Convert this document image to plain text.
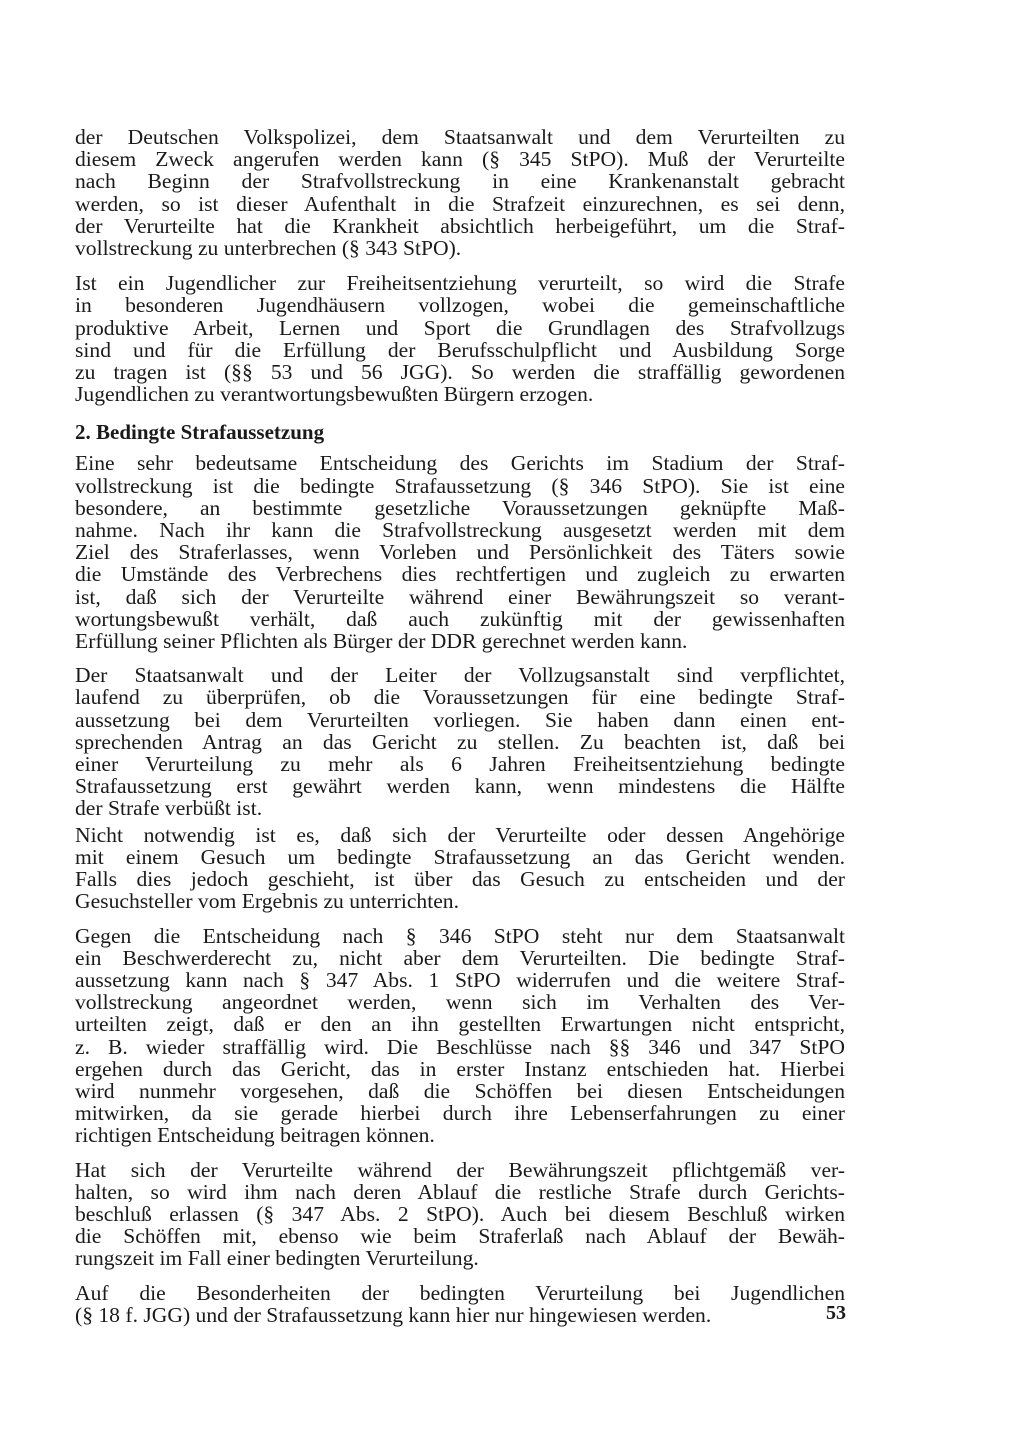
der Deutschen Volkspolizei, dem Staatsanwalt und dem Verurteilten zu
diesem Zweck angerufen werden kann (§ 345 StPO). Muß der Verurteilte
nach Beginn der Strafvollstreckung in eine Krankenanstalt gebracht
werden, so ist dieser Aufenthalt in die Strafzeit einzurechnen, es sei denn,
der Verurteilte hat die Krankheit absichtlich herbeigeführt, um die Straf-
vollstreckung zu unterbrechen (§ 343 StPO).
Ist ein Jugendlicher zur Freiheitsentziehung verurteilt, so wird die Strafe
in besonderen Jugendhäusern vollzogen, wobei die gemeinschaftliche
produktive Arbeit, Lernen und Sport die Grundlagen des Strafvollzugs
sind und für die Erfüllung der Berufsschulpflicht und Ausbildung Sorge
zu tragen ist (§§ 53 und 56 JGG). So werden die straffällig gewordenen
Jugendlichen zu verantwortungsbewußten Bürgern erzogen.
2. Bedingte Strafaussetzung
Eine sehr bedeutsame Entscheidung des Gerichts im Stadium der Straf-
vollstreckung ist die bedingte Strafaussetzung (§ 346 StPO). Sie ist eine
besondere, an bestimmte gesetzliche Voraussetzungen geknüpfte Maß-
nahme. Nach ihr kann die Strafvollstreckung ausgesetzt werden mit dem
Ziel des Straferlasses, wenn Vorleben und Persönlichkeit des Täters sowie
die Umstände des Verbrechens dies rechtfertigen und zugleich zu erwarten
ist, daß sich der Verurteilte während einer Bewährungszeit so verant-
wortungsbewußt verhält, daß auch zukünftig mit der gewissenhaften
Erfüllung seiner Pflichten als Bürger der DDR gerechnet werden kann.
Der Staatsanwalt und der Leiter der Vollzugsanstalt sind verpflichtet,
laufend zu überprüfen, ob die Voraussetzungen für eine bedingte Straf-
aussetzung bei dem Verurteilten vorliegen. Sie haben dann einen ent-
sprechenden Antrag an das Gericht zu stellen. Zu beachten ist, daß bei
einer Verurteilung zu mehr als 6 Jahren Freiheitsentziehung bedingte
Strafaussetzung erst gewährt werden kann, wenn mindestens die Hälfte
der Strafe verbüßt ist.
Nicht notwendig ist es, daß sich der Verurteilte oder dessen Angehörige
mit einem Gesuch um bedingte Strafaussetzung an das Gericht wenden.
Falls dies jedoch geschieht, ist über das Gesuch zu entscheiden und der
Gesuchsteller vom Ergebnis zu unterrichten.
Gegen die Entscheidung nach § 346 StPO steht nur dem Staatsanwalt
ein Beschwerderecht zu, nicht aber dem Verurteilten. Die bedingte Straf-
aussetzung kann nach § 347 Abs. 1 StPO widerrufen und die weitere Straf-
vollstreckung angeordnet werden, wenn sich im Verhalten des Ver-
urteilten zeigt, daß er den an ihn gestellten Erwartungen nicht entspricht,
z. B. wieder straffällig wird. Die Beschlüsse nach §§ 346 und 347 StPO
ergehen durch das Gericht, das in erster Instanz entschieden hat. Hierbei
wird nunmehr vorgesehen, daß die Schöffen bei diesen Entscheidungen
mitwirken, da sie gerade hierbei durch ihre Lebenserfahrungen zu einer
richtigen Entscheidung beitragen können.
Hat sich der Verurteilte während der Bewährungszeit pflichtgemäß ver-
halten, so wird ihm nach deren Ablauf die restliche Strafe durch Gerichts-
beschluß erlassen (§ 347 Abs. 2 StPO). Auch bei diesem Beschluß wirken
die Schöffen mit, ebenso wie beim Straferlaß nach Ablauf der Bewäh-
rungszeit im Fall einer bedingten Verurteilung.
Auf die Besonderheiten der bedingten Verurteilung bei Jugendlichen
(§ 18 f. JGG) und der Strafaussetzung kann hier nur hingewiesen werden.	53
